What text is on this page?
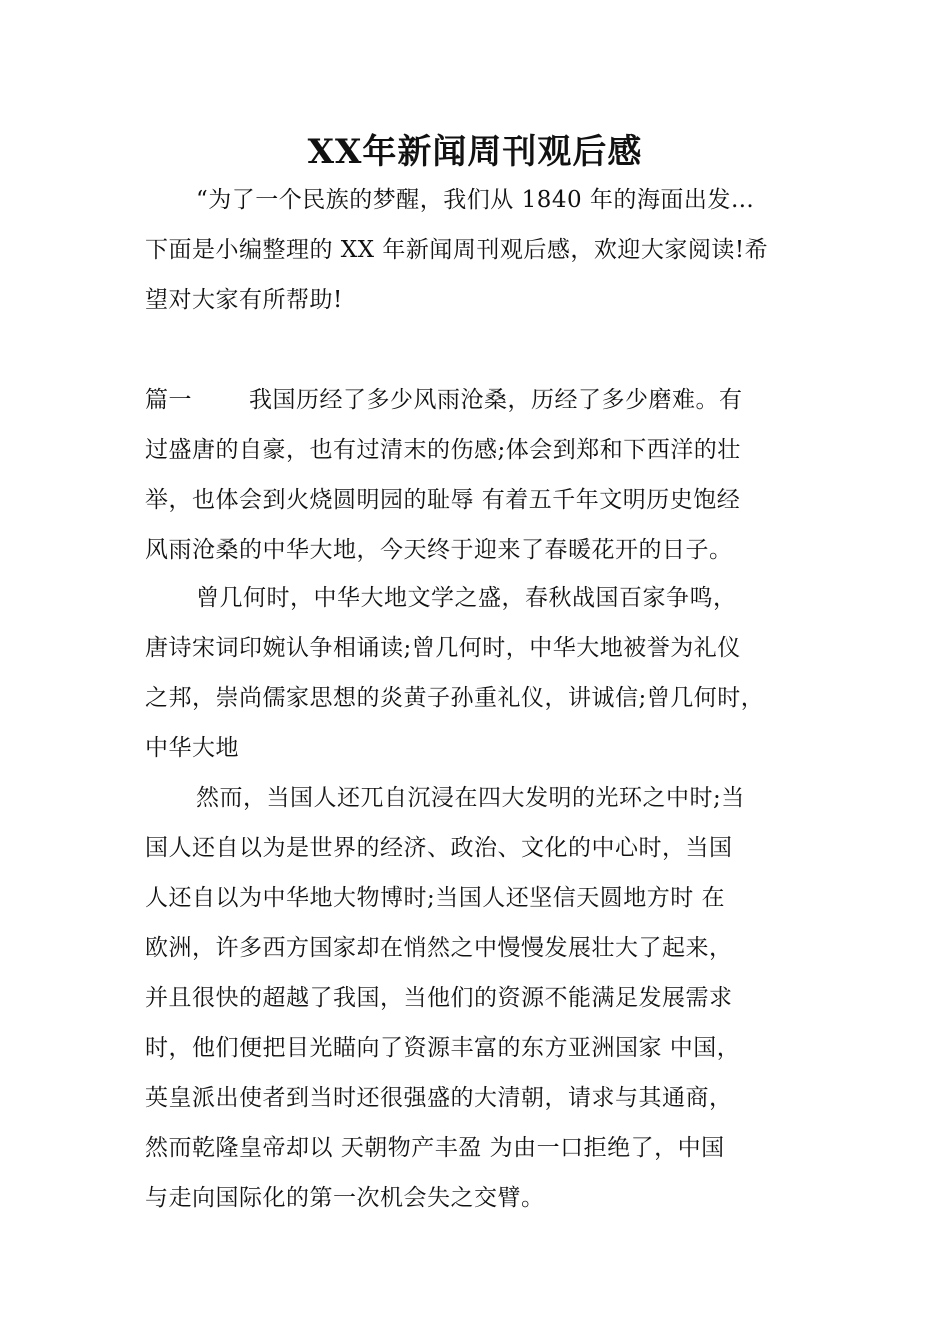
XX年新闻周刊观后感
“为了一个民族的梦醒，我们从 1840 年的海面出发…
下面是小编整理的 XX 年新闻周刊观后感，欢迎大家阅读!希
望对大家有所帮助!
篇一 我国历经了多少风雨沧桑，历经了多少磨难。有
过盛唐的自豪，也有过清末的伤感;体会到郑和下西洋的壮
举，也体会到火烧圆明园的耻辱 有着五千年文明历史饱经
风雨沧桑的中华大地，今天终于迎来了春暖花开的日子。
曾几何时，中华大地文学之盛，春秋战国百家争鸣，
唐诗宋词印婉认争相诵读;曾几何时，中华大地被誉为礼仪
之邦，崇尚儒家思想的炎黄子孙重礼仪，讲诚信;曾几何时，
中华大地
然而，当国人还兀自沉浸在四大发明的光环之中时;当
国人还自以为是世界的经济、政治、文化的中心时，当国
人还自以为中华地大物博时;当国人还坚信天圆地方时 在
欧洲，许多西方国家却在悄然之中慢慢发展壮大了起来，
并且很快的超越了我国，当他们的资源不能满足发展需求
时，他们便把目光瞄向了资源丰富的东方亚洲国家 中国，
英皇派出使者到当时还很强盛的大清朝，请求与其通商，
然而乾隆皇帝却以 天朝物产丰盈 为由一口拒绝了，中国
与走向国际化的第一次机会失之交臂。
